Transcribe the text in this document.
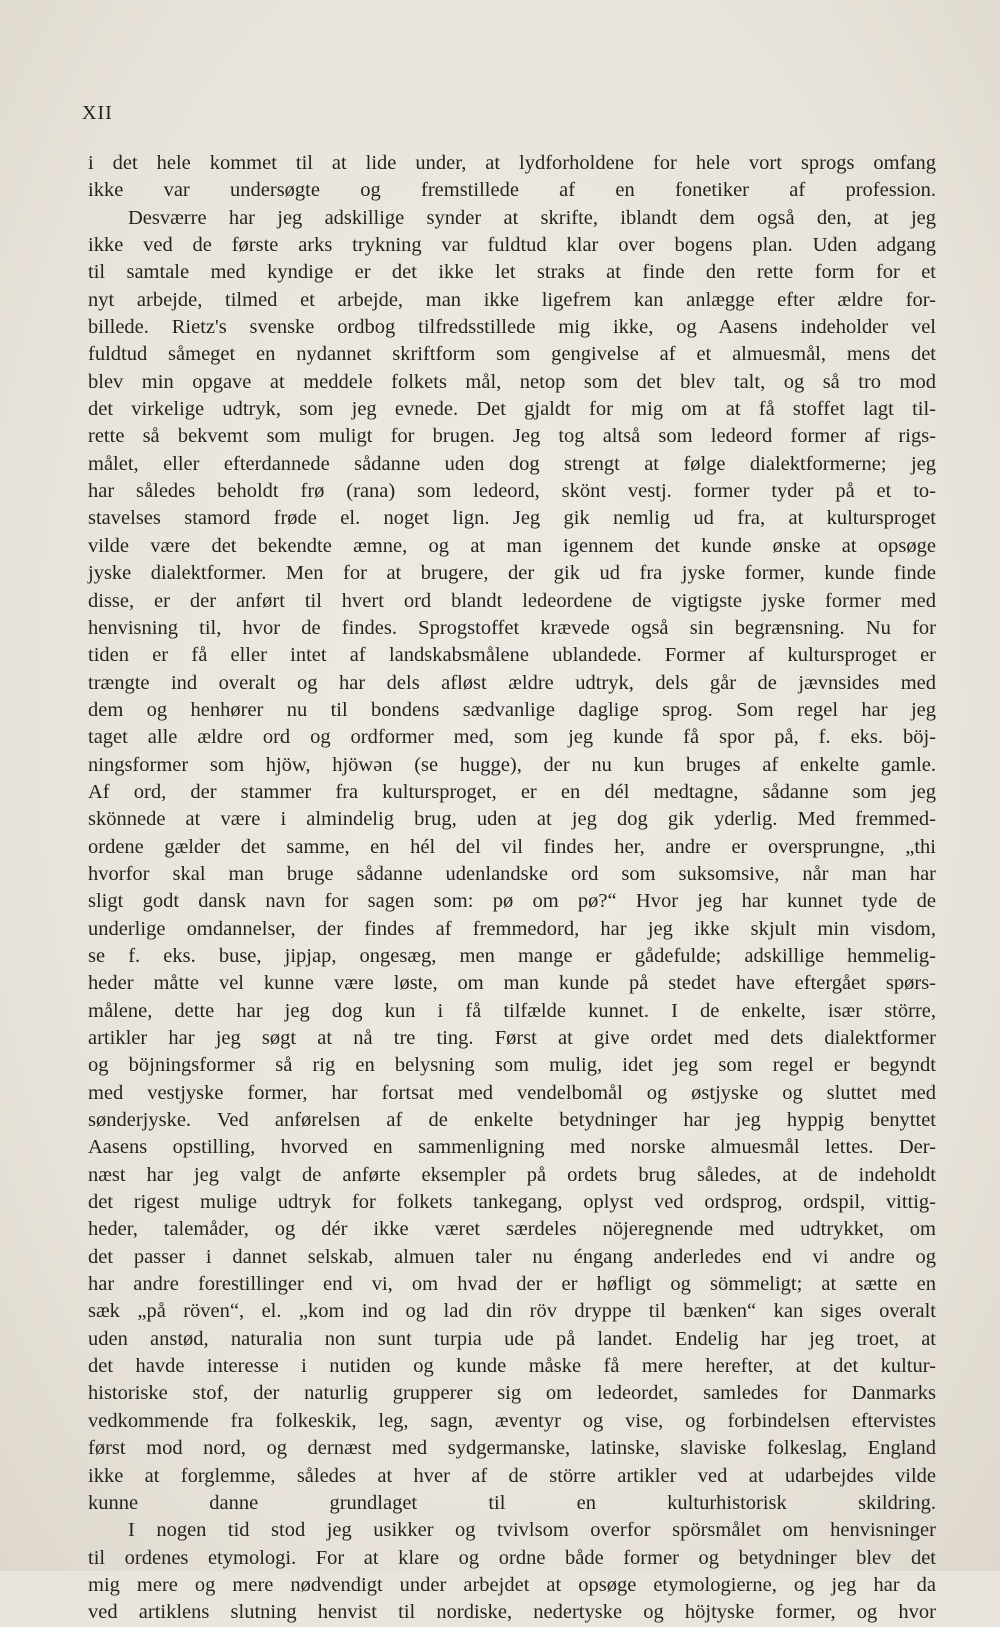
XII
i det hele kommet til at lide under, at lydforholdene for hele vort sprogs omfang
ikke var undersøgte og fremstillede af en fonetiker af profession.
Desværre har jeg adskillige synder at skrifte, iblandt dem også den, at jeg
ikke ved de første arks trykning var fuldtud klar over bogens plan. Uden adgang
til samtale med kyndige er det ikke let straks at finde den rette form for et
nyt arbejde, tilmed et arbejde, man ikke ligefrem kan anlægge efter ældre for-
billede. Rietz's svenske ordbog tilfredsstillede mig ikke, og Aasens indeholder vel
fuldtud såmeget en nydannet skriftform som gengivelse af et almuesmål, mens det
blev min opgave at meddele folkets mål, netop som det blev talt, og så tro mod
det virkelige udtryk, som jeg evnede. Det gjaldt for mig om at få stoffet lagt til-
rette så bekvemt som muligt for brugen. Jeg tog altså som ledeord former af rigs-
målet, eller efterdannede sådanne uden dog strengt at følge dialektformerne; jeg
har således beholdt frø (rana) som ledeord, skönt vestj. former tyder på et to-
stavelses stamord frøde el. noget lign. Jeg gik nemlig ud fra, at kultursproget
vilde være det bekendte æmne, og at man igennem det kunde ønske at opsøge
jyske dialektformer. Men for at brugere, der gik ud fra jyske former, kunde finde
disse, er der anført til hvert ord blandt ledeordene de vigtigste jyske former med
henvisning til, hvor de findes. Sprogstoffet krævede også sin begrænsning. Nu for
tiden er få eller intet af landskabsmålene ublandede. Former af kultursproget er
trængte ind overalt og har dels afløst ældre udtryk, dels går de jævnsides med
dem og henhører nu til bondens sædvanlige daglige sprog. Som regel har jeg
taget alle ældre ord og ordformer med, som jeg kunde få spor på, f. eks. böj-
ningsformer som hjöw, hjöwən (se hugge), der nu kun bruges af enkelte gamle.
Af ord, der stammer fra kultursproget, er en dél medtagne, sådanne som jeg
skönnede at være i almindelig brug, uden at jeg dog gik yderlig. Med fremmed-
ordene gælder det samme, en hél del vil findes her, andre er oversprungne, „thi
hvorfor skal man bruge sådanne udenlandske ord som suksomsive, når man har
sligt godt dansk navn for sagen som: pø om pø?“ Hvor jeg har kunnet tyde de
underlige omdannelser, der findes af fremmedord, har jeg ikke skjult min visdom,
se f. eks. buse, jipjap, ongesæg, men mange er gådefulde; adskillige hemmelig-
heder måtte vel kunne være løste, om man kunde på stedet have eftergået spørs-
målene, dette har jeg dog kun i få tilfælde kunnet. I de enkelte, især större,
artikler har jeg søgt at nå tre ting. Først at give ordet med dets dialektformer
og böjningsformer så rig en belysning som mulig, idet jeg som regel er begyndt
med vestjyske former, har fortsat med vendelbomål og østjyske og sluttet med
sønderjyske. Ved anførelsen af de enkelte betydninger har jeg hyppig benyttet
Aasens opstilling, hvorved en sammenligning med norske almuesmål lettes. Der-
næst har jeg valgt de anførte eksempler på ordets brug således, at de indeholdt
det rigest mulige udtryk for folkets tankegang, oplyst ved ordsprog, ordspil, vittig-
heder, talemåder, og dér ikke været særdeles nöjeregnende med udtrykket, om
det passer i dannet selskab, almuen taler nu éngang anderledes end vi andre og
har andre forestillinger end vi, om hvad der er høfligt og sömmeligt; at sætte en
sæk „på röven“, el. „kom ind og lad din röv dryppe til bænken“ kan siges overalt
uden anstød, naturalia non sunt turpia ude på landet. Endelig har jeg troet, at
det havde interesse i nutiden og kunde måske få mere herefter, at det kultur-
historiske stof, der naturlig grupperer sig om ledeordet, samledes for Danmarks
vedkommende fra folkeskik, leg, sagn, æventyr og vise, og forbindelsen eftervistes
først mod nord, og dernæst med sydgermanske, latinske, slaviske folkeslag, England
ikke at forglemme, således at hver af de större artikler ved at udarbejdes vilde
kunne danne grundlaget til en kulturhistorisk skildring.
I nogen tid stod jeg usikker og tvivlsom overfor spörsmålet om henvisninger
til ordenes etymologi. For at klare og ordne både former og betydninger blev det
mig mere og mere nødvendigt under arbejdet at opsøge etymologierne, og jeg har da
ved artiklens slutning henvist til nordiske, nedertyske og höjtyske former, og hvor
